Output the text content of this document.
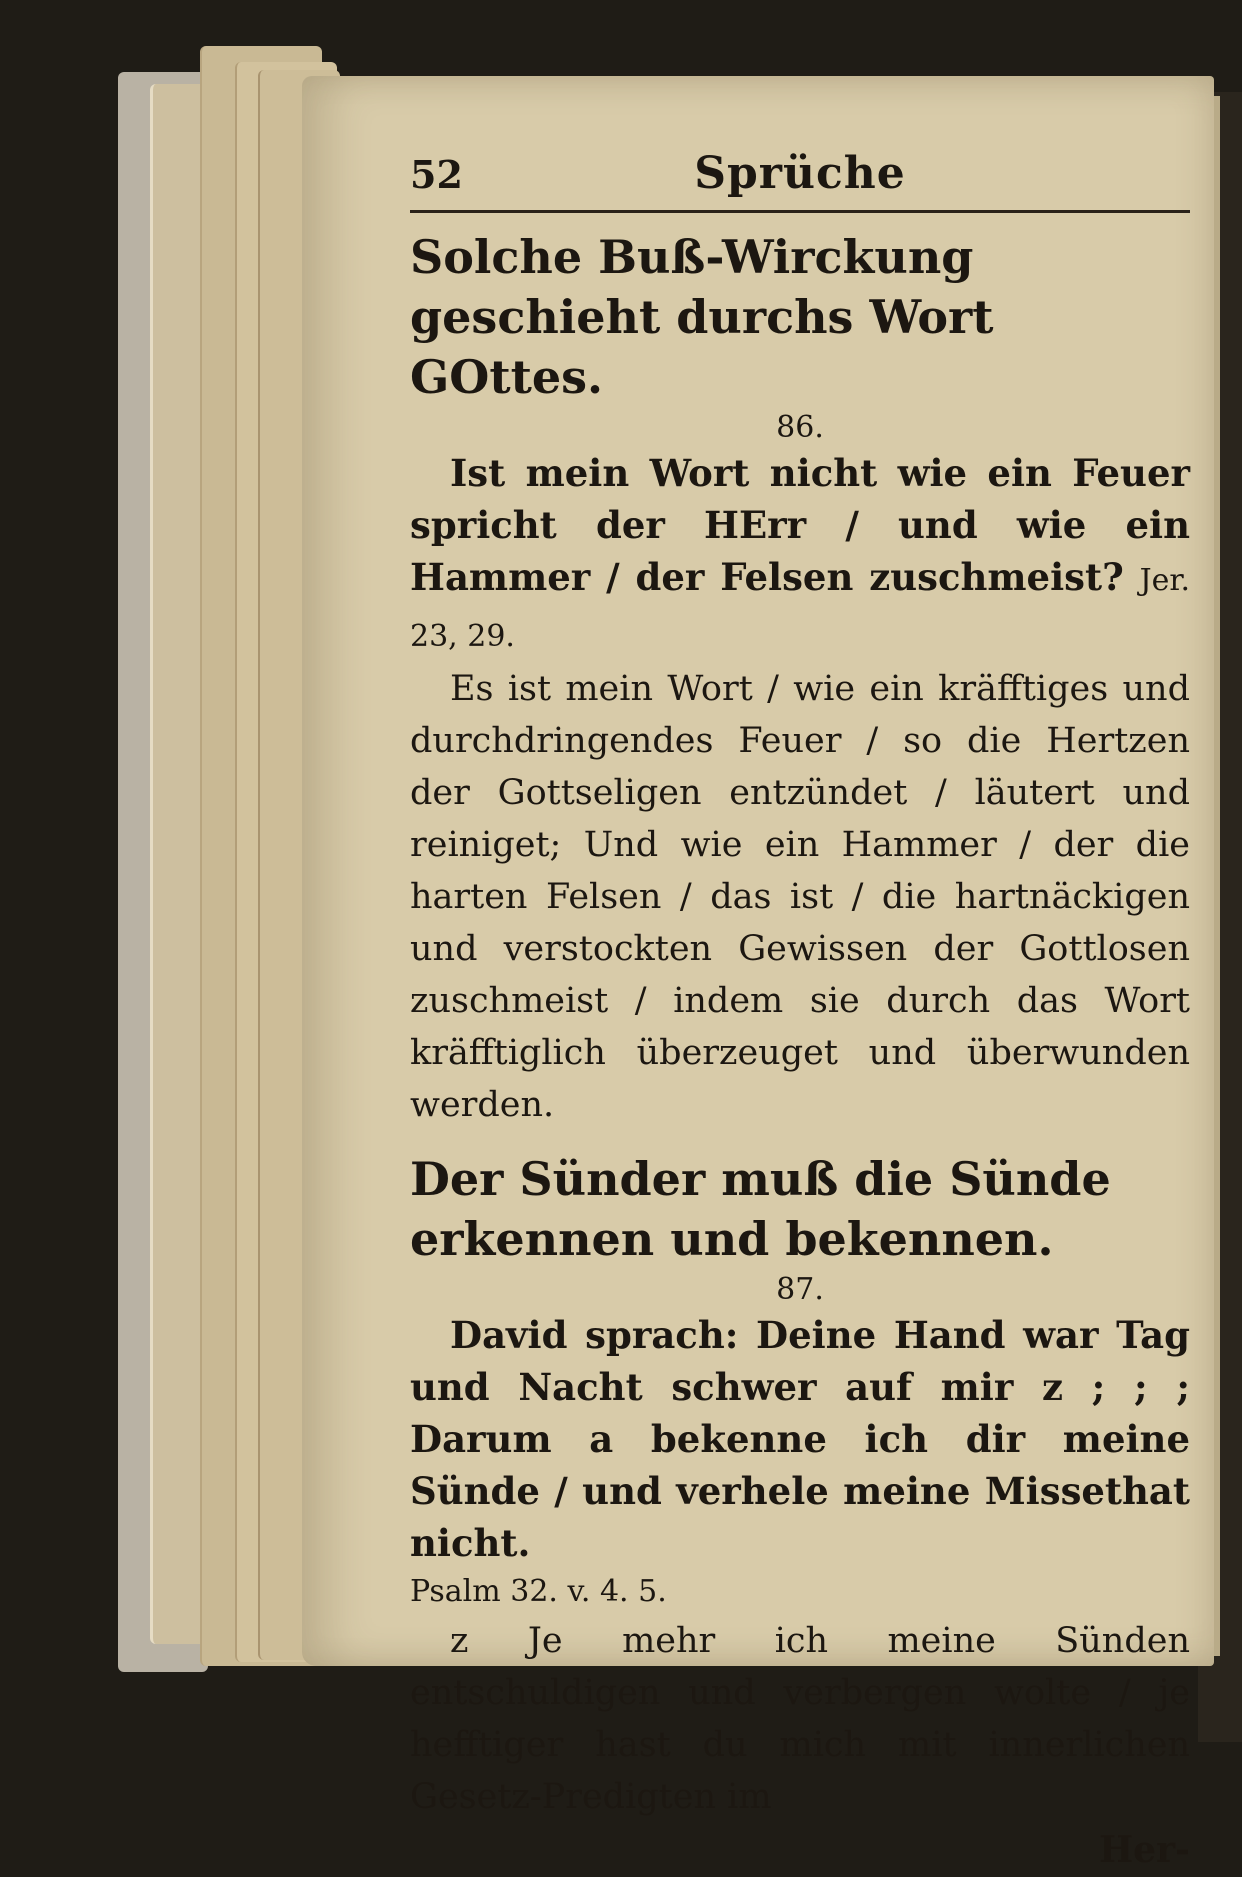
52	Sprüche

Solche Buß-Wirckung geschieht durchs Wort GOttes.

86.

Ist mein Wort nicht wie ein Feuer spricht der HErr / und wie ein Hammer / der Felsen zuschmeist? Jer. 23, 29.

Es ist mein Wort / wie ein kräfftiges und durchdringendes Feuer / so die Hertzen der Gottseligen entzündet / läutert und reiniget; Und wie ein Hammer / der die harten Felsen / das ist / die hartnäckigen und verstockten Gewissen der Gottlosen zuschmeist / indem sie durch das Wort kräfftiglich überzeuget und überwunden werden.

Der Sünder muß die Sünde erkennen und bekennen.

87.

David sprach: Deine Hand war Tag und Nacht schwer auf mir z ; ; ; Darum a bekenne ich dir meine Sünde / und verhele meine Missethat nicht.

Psalm 32. v. 4. 5.

z Je mehr ich meine Sünden entschuldigen und verbergen wolte / je hefftiger hast du mich mit innerlichen Gesetz-Predigten im

Her-
